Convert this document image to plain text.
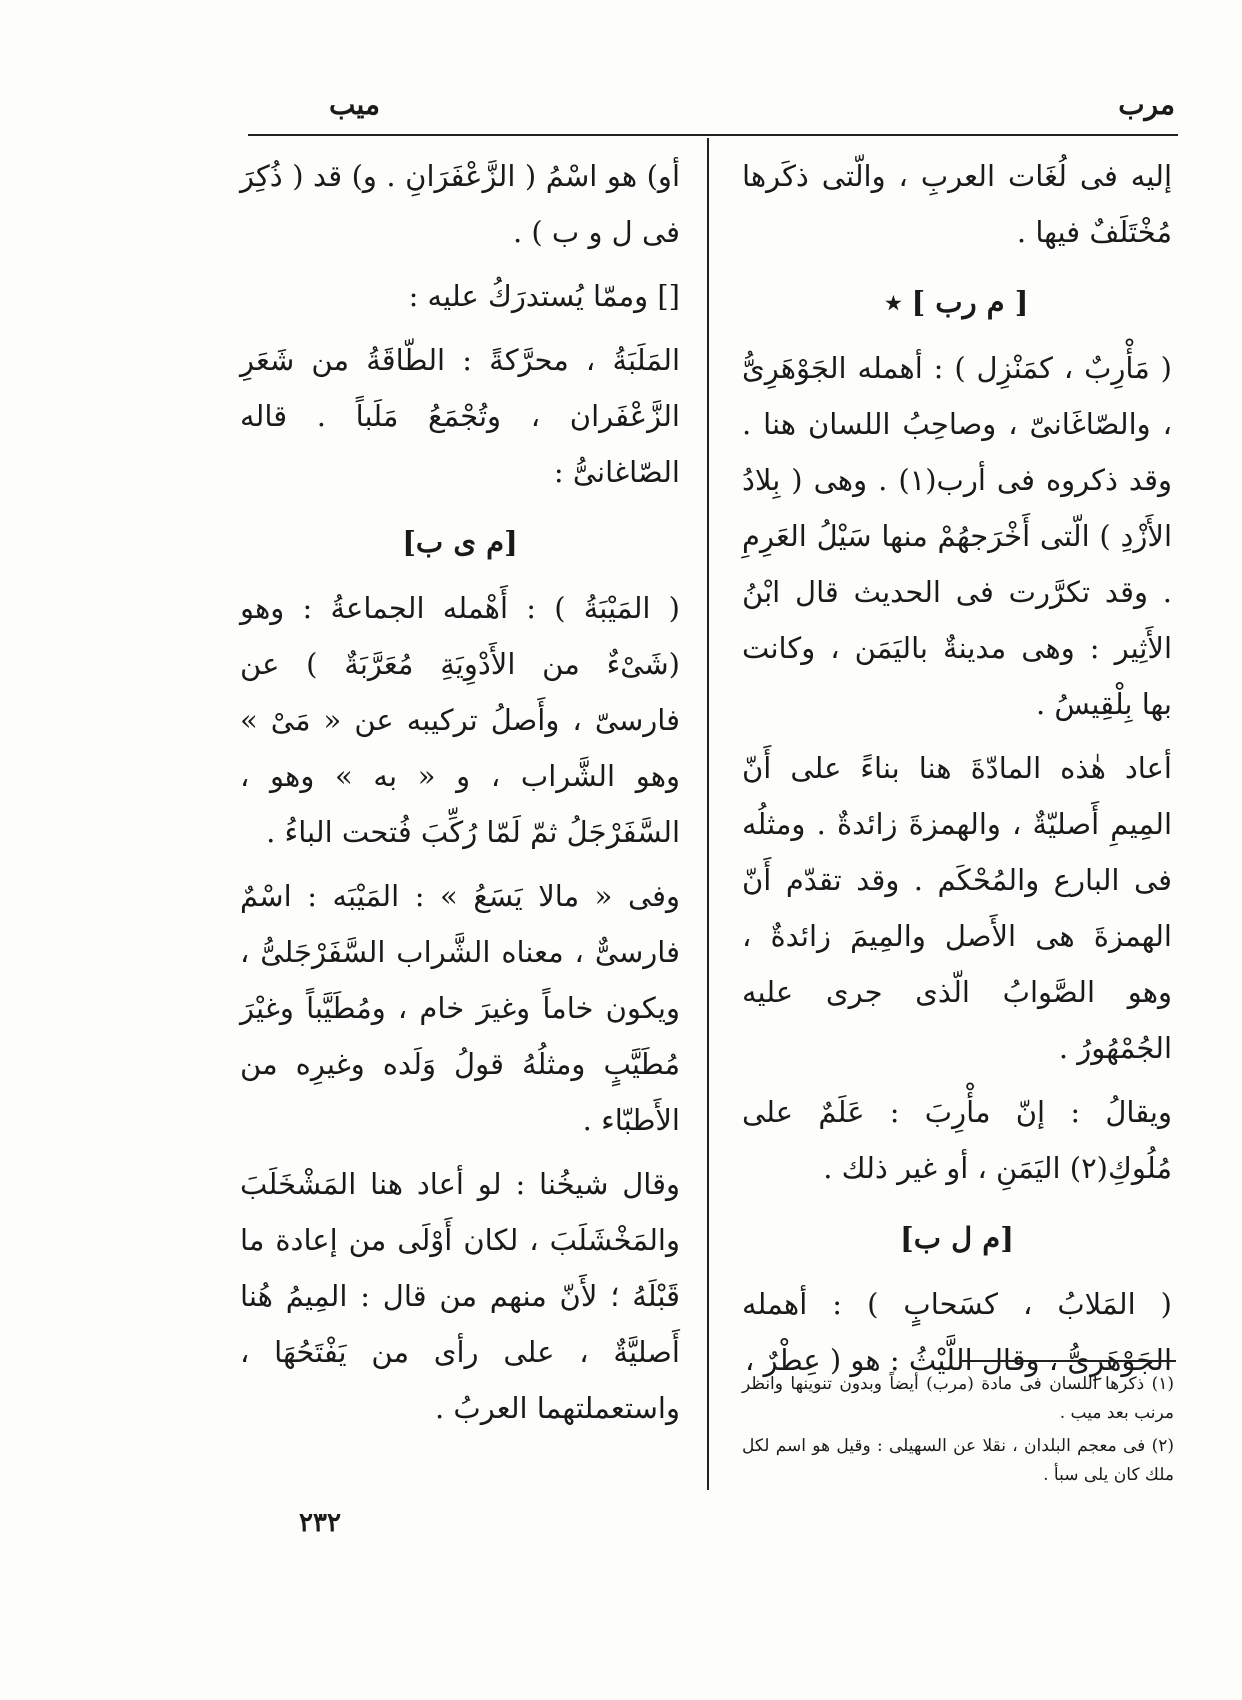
مرب
ميب

إليه فى لُغَات العربِ ، والّتى ذكَرها مُخْتَلَفٌ فيها .

[ م رب ] ٭

( مَأْرِبٌ ، كمَنْزِل ) : أهمله الجَوْهَرِىُّ ، والصّاغَانىّ ، وصاحِبُ اللسان هنا . وقد ذكروه فى أرب(١) . وهى ( بِلادُ الأَزْدِ ) الّتى أَخْرَجهُمْ منها سَيْلُ العَرِمِ . وقد تكرَّرت فى الحديث قال ابْنُ الأَثِير : وهى مدينةٌ باليَمَن ، وكانت بها بِلْقِيسُ .

أعاد هٰذه المادّةَ هنا بناءً على أَنّ المِيمِ أَصليّةٌ ، والهمزةَ زائدةٌ . ومثلُه فى البارع والمُحْكَم . وقد تقدّم أَنّ الهمزةَ هى الأَصل والمِيمَ زائدةٌ ، وهو الصَّوابُ الّذى جرى عليه الجُمْهُورُ .

ويقالُ : إنّ مأْرِبَ : عَلَمٌ على مُلُوكِ(٢) اليَمَنِ ، أو غير ذلك .

[م ل ب]

( المَلابُ ، كسَحابٍ ) : أهمله الجَوْهَرِىُّ ، وقال اللَّيْثُ : هو ( عِطْرٌ ،

(١) ذكرها اللسان فى مادة (مرب) أيضاً وبدون تنوينها وانظر مرنب بعد ميب .

(٢) فى معجم البلدان ، نقلا عن السهيلى : وقيل هو اسم لكل ملك كان يلى سبأ .

أو) هو اسْمُ ( الزَّعْفَرَانِ . و) قد ( ذُكِرَ فى ل و ب ) .

[] وممّا يُستدرَكُ عليه :

المَلَبَةُ ، محرَّكةً : الطّاقَةُ من شَعَرِ الزَّعْفَران ، وتُجْمَعُ مَلَباً . قاله الصّاغانىُّ :

[م ى ب]

( المَيْبَةُ ) : أَهْمله الجماعةُ : وهو (شَىْءٌ من الأَدْوِيَةِ مُعَرَّبَةٌ ) عن فارسىّ ، وأَصلُ تركيبه عن « مَىْ » وهو الشَّراب ، و « به » وهو ، السَّفَرْجَلُ ثمّ لَمّا رُكِّبَ فُتحت الباءُ .

وفى « مالا يَسَعُ » : المَيْبَه : اسْمٌ فارسىٌّ ، معناه الشَّراب السَّفَرْجَلىُّ ، ويكون خاماً وغيرَ خام ، ومُطَيَّباً وغيْرَ مُطَيَّبٍ ومثلُهُ قولُ وَلَده وغيرِه من الأَطبّاء .

وقال شيخُنا : لو أعاد هنا المَشْخَلَبَ والمَخْشَلَبَ ، لكان أَوْلَى من إعادة ما قَبْلَهُ ؛ لأَنّ منهم من قال : المِيمُ هُنا أَصليَّةٌ ، على رأى من يَفْتَحُهَا ، واستعملتهما العربُ .

٢٣٢
